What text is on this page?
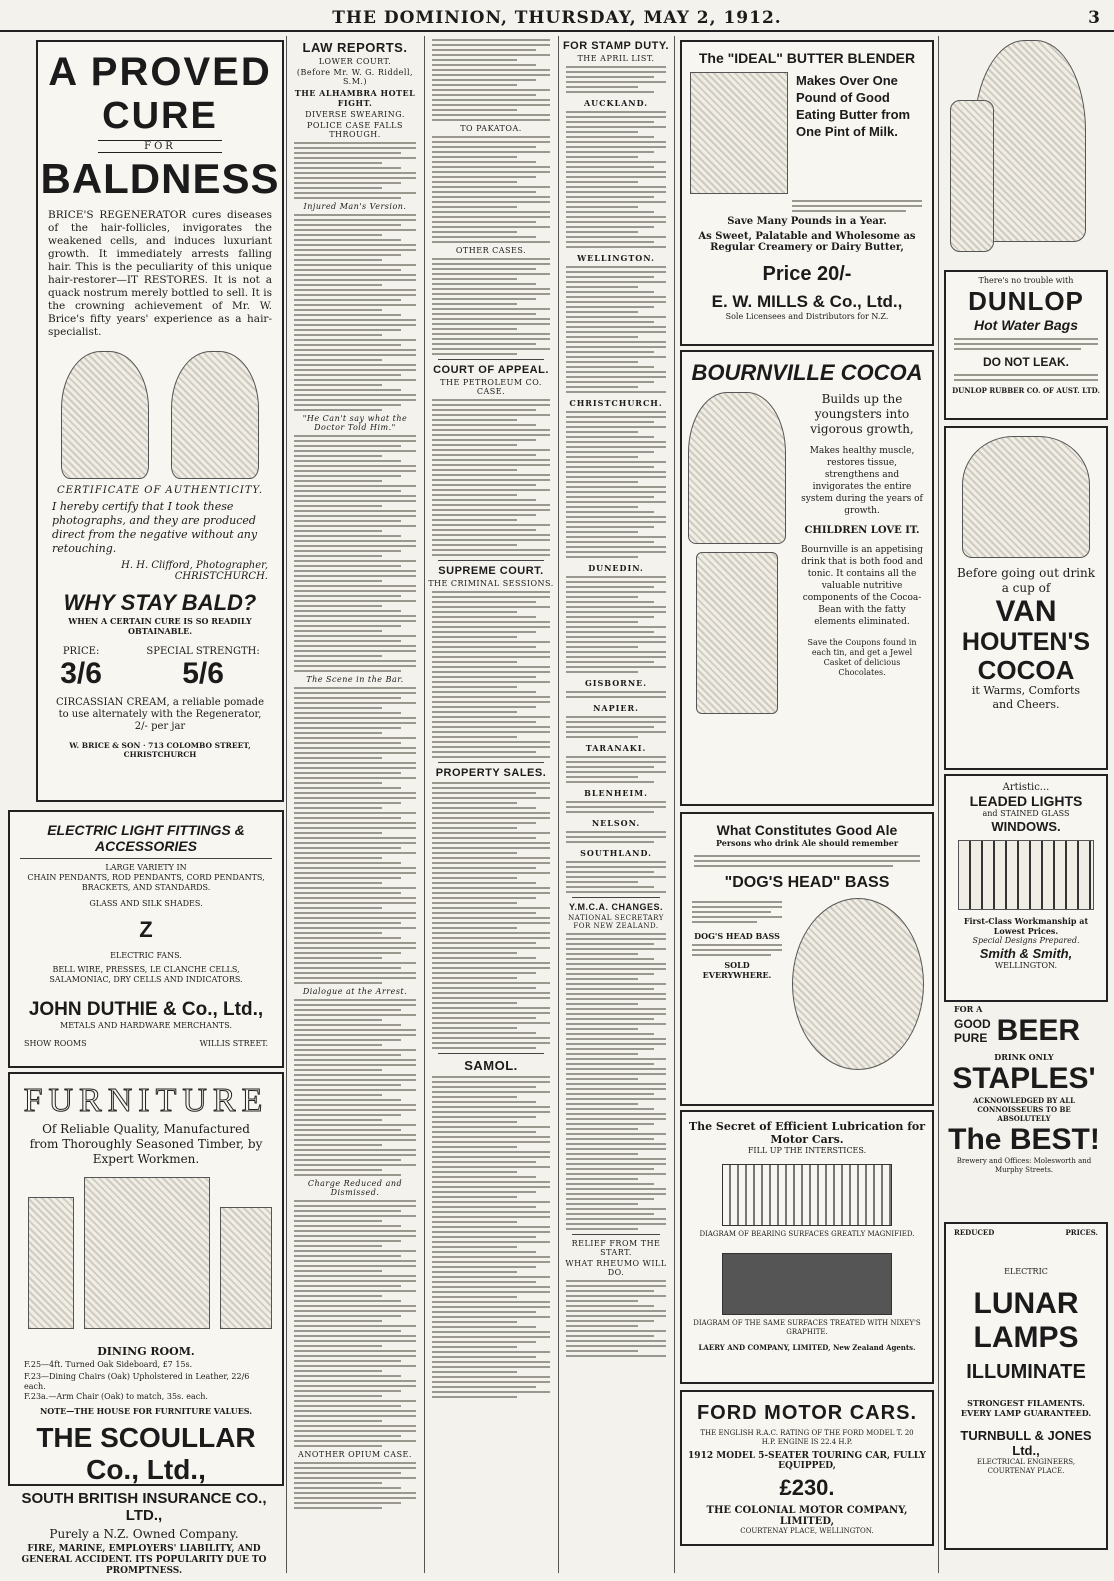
THE DOMINION, THURSDAY, MAY 2, 1912.	3
A PROVED
CURE
FOR
BALDNESS
BRICE'S REGENERATOR cures diseases of the hair-follicles, invigorates the weakened cells, and induces luxuriant growth. It immediately arrests falling hair. This is the peculiarity of this unique hair-restorer—IT RESTORES. It is not a quack nostrum merely bottled to sell. It is the crowning achievement of Mr. W. Brice's fifty years' experience as a hair-specialist.
CERTIFICATE OF AUTHENTICITY.
I hereby certify that I took these photographs, and they are produced direct from the negative without any retouching.
H. H. Clifford, Photographer, CHRISTCHURCH.
WHY STAY BALD?
WHEN A CERTAIN CURE IS SO READILY OBTAINABLE.
PRICE:
3/6
SPECIAL STRENGTH:
5/6
CIRCASSIAN CREAM, a reliable pomade to use alternately with the Regenerator, 2/- per jar
W. BRICE & SON · 713 COLOMBO STREET, CHRISTCHURCH
ELECTRIC LIGHT FITTINGS & ACCESSORIES
LARGE VARIETY IN
CHAIN PENDANTS, ROD PENDANTS, CORD PENDANTS, BRACKETS, AND STANDARDS.
GLASS AND SILK SHADES.
Z
ELECTRIC FANS.
BELL WIRE, PRESSES, LE CLANCHE CELLS, SALAMONIAC, DRY CELLS AND INDICATORS.
JOHN DUTHIE & Co., Ltd.,
METALS AND HARDWARE MERCHANTS.
SHOW ROOMS	WILLIS STREET.
FURNITURE
Of Reliable Quality, Manufactured from Thoroughly Seasoned Timber, by Expert Workmen.
DINING ROOM.
F.25—4ft. Turned Oak Sideboard, £7 15s.
F.23—Dining Chairs (Oak) Upholstered in Leather, 22/6 each.
F.23a.—Arm Chair (Oak) to match, 35s. each.
NOTE—THE HOUSE FOR FURNITURE VALUES.
THE SCOULLAR Co., Ltd.,
SOUTH BRITISH INSURANCE CO., LTD.,
Purely a N.Z. Owned Company.
FIRE, MARINE, EMPLOYERS' LIABILITY, AND GENERAL ACCIDENT. ITS POPULARITY DUE TO PROMPTNESS.
LAW REPORTS.
LOWER COURT.
(Before Mr. W. G. Riddell, S.M.)
THE ALHAMBRA HOTEL FIGHT.
DIVERSE SWEARING.
POLICE CASE FALLS THROUGH.
Injured Man's Version.
"He Can't say what the Doctor Told Him."
The Scene in the Bar.
Dialogue at the Arrest.
Charge Reduced and Dismissed.
ANOTHER OPIUM CASE.
TO PAKATOA.
OTHER CASES.
COURT OF APPEAL.
THE PETROLEUM CO. CASE.
SUPREME COURT.
THE CRIMINAL SESSIONS.
PROPERTY SALES.
SAMOL.
FOR STAMP DUTY.
THE APRIL LIST.
AUCKLAND.
WELLINGTON.
CHRISTCHURCH.
DUNEDIN.
GISBORNE.
NAPIER.
TARANAKI.
BLENHEIM.
NELSON.
SOUTHLAND.
Y.M.C.A. CHANGES.
NATIONAL SECRETARY FOR NEW ZEALAND.
RELIEF FROM THE START.
WHAT RHEUMO WILL DO.
The "IDEAL" BUTTER BLENDER
Makes Over One Pound of Good Eating Butter from One Pint of Milk.
Save Many Pounds in a Year.
As Sweet, Palatable and Wholesome as Regular Creamery or Dairy Butter,
Price 20/-
E. W. MILLS & Co., Ltd.,
Sole Licensees and Distributors for N.Z.
BOURNVILLE COCOA
Builds up the youngsters into vigorous growth,
Makes healthy muscle, restores tissue, strengthens and invigorates the entire system during the years of growth.
CHILDREN LOVE IT.
Bournville is an appetising drink that is both food and tonic. It contains all the valuable nutritive components of the Cocoa-Bean with the fatty elements eliminated.
Save the Coupons found in each tin, and get a Jewel Casket of delicious Chocolates.
What Constitutes Good Ale
Persons who drink Ale should remember
"DOG'S HEAD" BASS
DOG'S HEAD BASS
SOLD EVERYWHERE.
The Secret of Efficient Lubrication for Motor Cars.
FILL UP THE INTERSTICES.
DIAGRAM OF BEARING SURFACES GREATLY MAGNIFIED.
DIAGRAM OF THE SAME SURFACES TREATED WITH NIXEY'S GRAPHITE.
LAERY AND COMPANY, LIMITED, New Zealand Agents.
FORD MOTOR CARS.
THE ENGLISH R.A.C. RATING OF THE FORD MODEL T. 20 H.P. ENGINE IS 22.4 H.P.
1912 MODEL 5-SEATER TOURING CAR, FULLY EQUIPPED,
£230.
THE COLONIAL MOTOR COMPANY, LIMITED,
COURTENAY PLACE, WELLINGTON.
There's no trouble with
DUNLOP
Hot Water Bags
DO NOT LEAK.
DUNLOP RUBBER CO. OF AUST. LTD.
Before going out drink a cup of
VAN
HOUTEN'S
COCOA
it Warms, Comforts and Cheers.
Artistic...
LEADED LIGHTS
and STAINED GLASS
WINDOWS.
First-Class Workmanship at Lowest Prices.
Special Designs Prepared.
Smith & Smith,
WELLINGTON.
FOR A
GOOD
PURE BEER
DRINK ONLY
STAPLES'
ACKNOWLEDGED BY ALL CONNOISSEURS TO BE ABSOLUTELY
The BEST!
Brewery and Offices: Molesworth and Murphy Streets.
REDUCED	PRICES.
ELECTRIC
LUNAR
LAMPS
ILLUMINATE
STRONGEST FILAMENTS.
EVERY LAMP GUARANTEED.
TURNBULL & JONES Ltd.,
ELECTRICAL ENGINEERS, COURTENAY PLACE.
